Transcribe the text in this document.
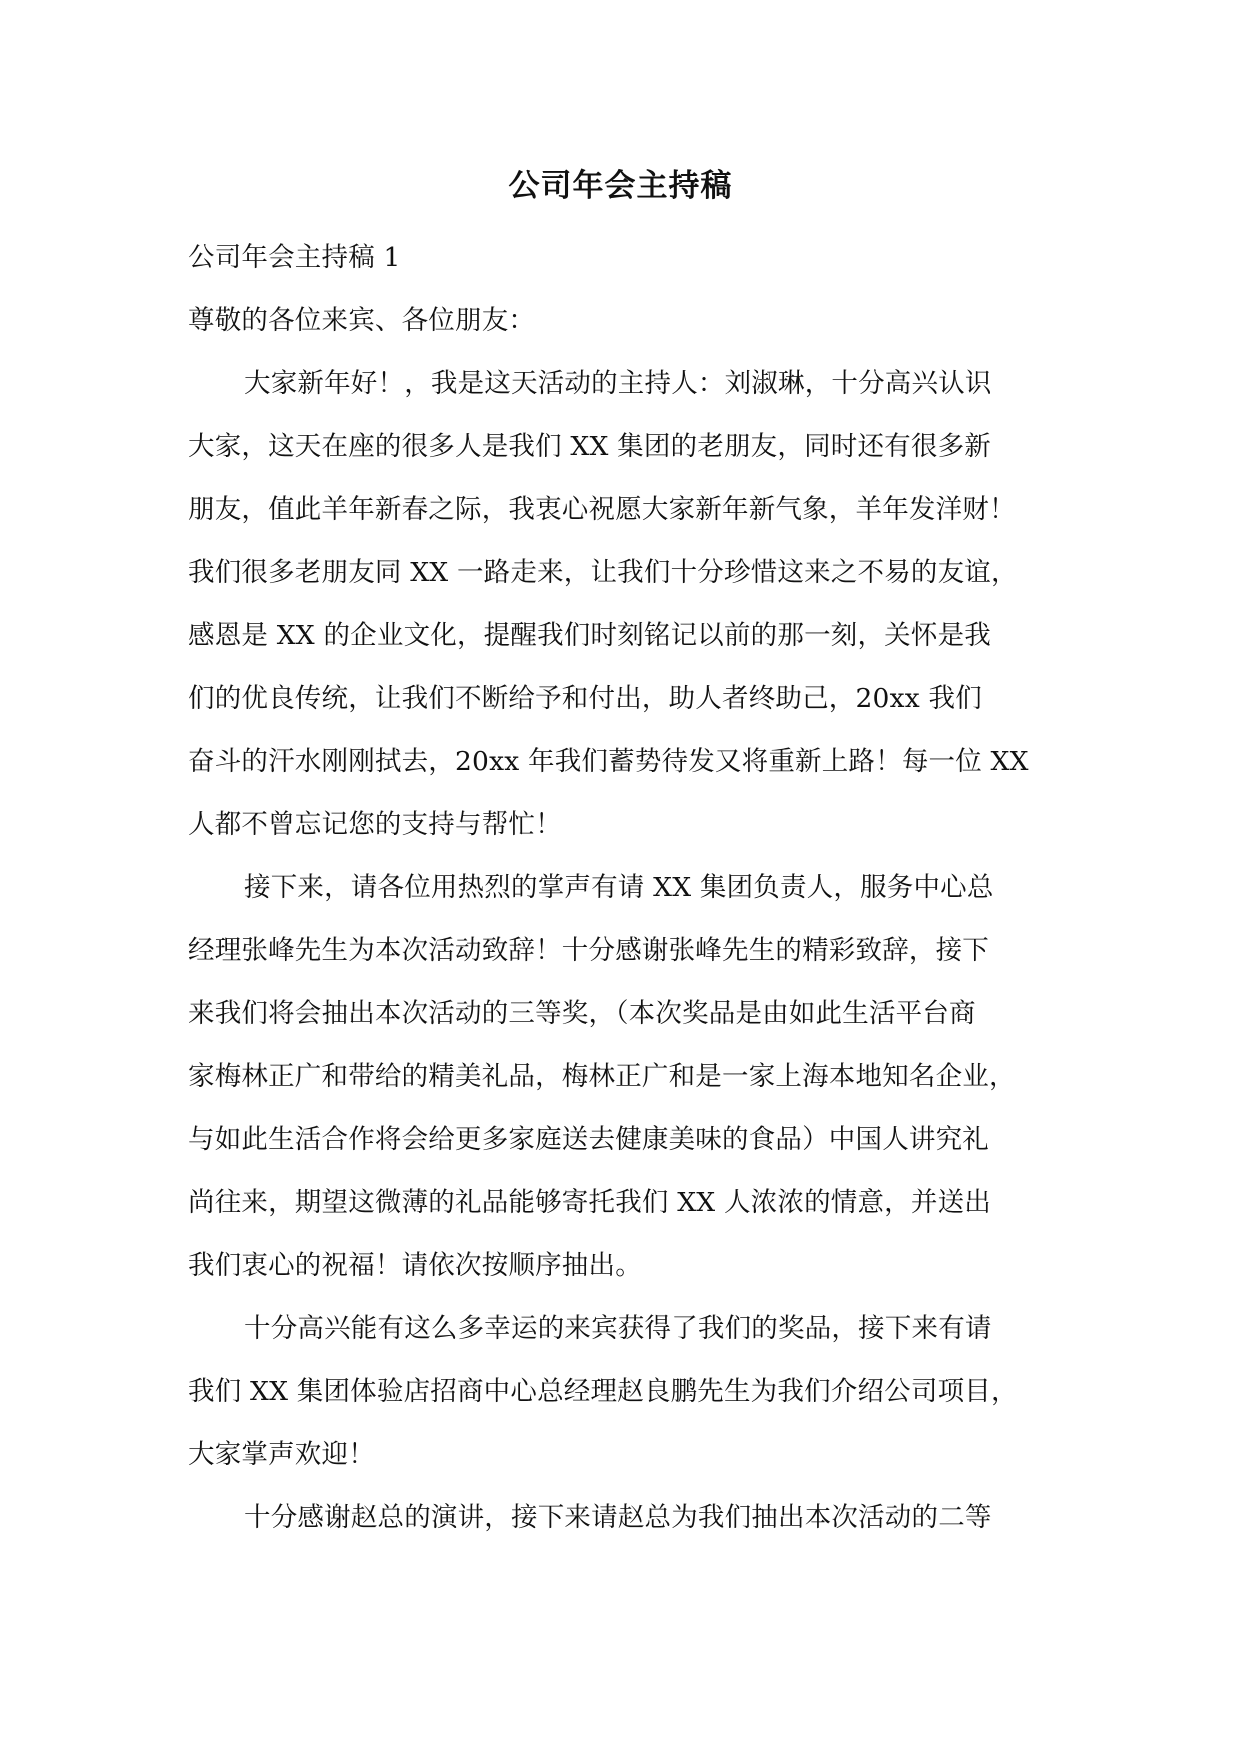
公司年会主持稿
公司年会主持稿 1
尊敬的各位来宾、各位朋友：
大家新年好！，我是这天活动的主持人：刘淑琳，十分高兴认识
大家，这天在座的很多人是我们 XX 集团的老朋友，同时还有很多新
朋友，值此羊年新春之际，我衷心祝愿大家新年新气象，羊年发洋财！
我们很多老朋友同 XX 一路走来，让我们十分珍惜这来之不易的友谊，
感恩是 XX 的企业文化，提醒我们时刻铭记以前的那一刻，关怀是我
们的优良传统，让我们不断给予和付出，助人者终助己，20xx 我们
奋斗的汗水刚刚拭去，20xx 年我们蓄势待发又将重新上路！每一位 XX
人都不曾忘记您的支持与帮忙！
接下来，请各位用热烈的掌声有请 XX 集团负责人，服务中心总
经理张峰先生为本次活动致辞！十分感谢张峰先生的精彩致辞，接下
来我们将会抽出本次活动的三等奖，（本次奖品是由如此生活平台商
家梅林正广和带给的精美礼品，梅林正广和是一家上海本地知名企业，
与如此生活合作将会给更多家庭送去健康美味的食品）中国人讲究礼
尚往来，期望这微薄的礼品能够寄托我们 XX 人浓浓的情意，并送出
我们衷心的祝福！请依次按顺序抽出。
十分高兴能有这么多幸运的来宾获得了我们的奖品，接下来有请
我们 XX 集团体验店招商中心总经理赵良鹏先生为我们介绍公司项目，
大家掌声欢迎！
十分感谢赵总的演讲，接下来请赵总为我们抽出本次活动的二等
